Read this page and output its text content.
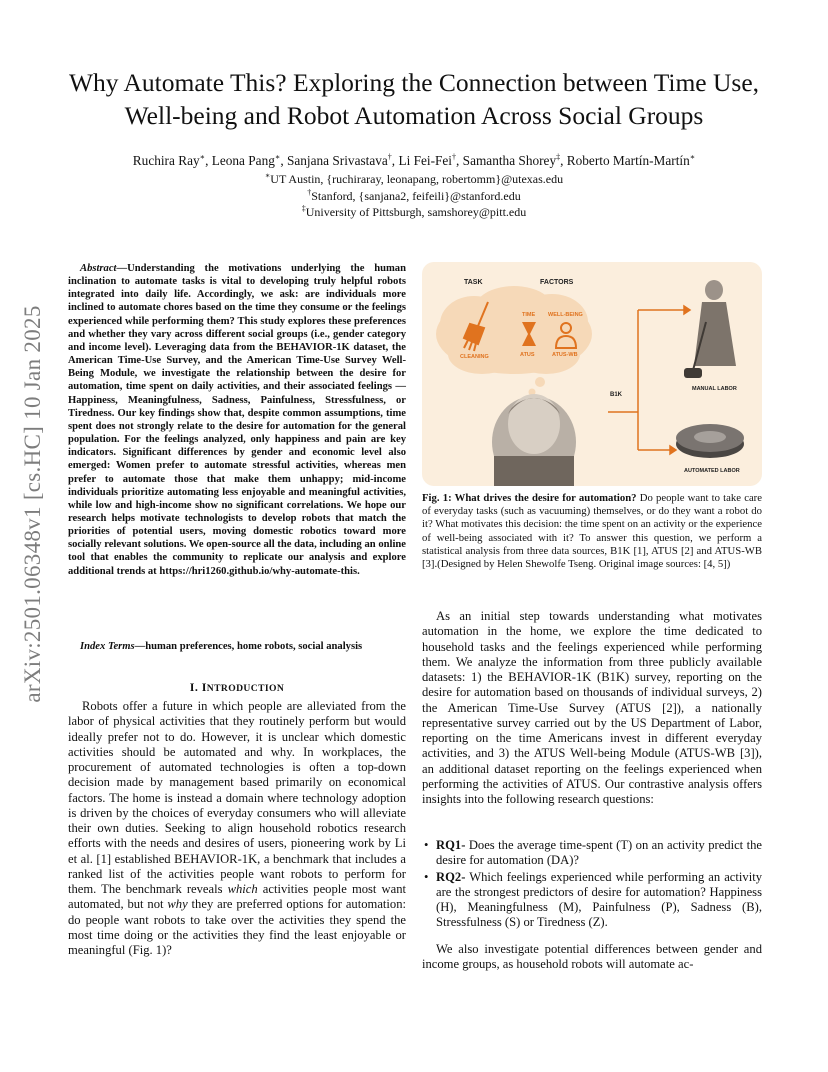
arXiv:2501.06348v1 [cs.HC] 10 Jan 2025
Why Automate This? Exploring the Connection between Time Use, Well-being and Robot Automation Across Social Groups
Ruchira Ray∗, Leona Pang∗, Sanjana Srivastava†, Li Fei-Fei†, Samantha Shorey‡, Roberto Martín-Martín∗
∗UT Austin, {ruchiraray, leonapang, robertomm}@utexas.edu
†Stanford, {sanjana2, feifeili}@stanford.edu
‡University of Pittsburgh, samshorey@pitt.edu

Abstract—Understanding the motivations underlying the human inclination to automate tasks is vital to developing truly helpful robots integrated into daily life. Accordingly, we ask: are individuals more inclined to automate chores based on the time they consume or the feelings experienced while performing them? This study explores these preferences and whether they vary across different social groups (i.e., gender category and income level). Leveraging data from the BEHAVIOR-1K dataset, the American Time-Use Survey, and the American Time-Use Survey Well-Being Module, we investigate the relationship between the desire for automation, time spent on daily activities, and their associated feelings —Happiness, Meaningfulness, Sadness, Painfulness, Stressfulness, or Tiredness. Our key findings show that, despite common assumptions, time spent does not strongly relate to the desire for automation for the general population. For the feelings analyzed, only happiness and pain are key indicators. Significant differences by gender and economic level also emerged: Women prefer to automate stressful activities, whereas men prefer to automate those that make them unhappy; mid-income individuals prioritize automating less enjoyable and meaningful activities, while low and high-income show no significant correlations. We hope our research helps motivate technologists to develop robots that match the priorities of potential users, moving domestic robotics toward more socially relevant solutions. We open-source all the data, including an online tool that enables the community to replicate our analysis and explore additional trends at https://hri1260.github.io/why-automate-this.

Index Terms—human preferences, home robots, social analysis

I. INTRODUCTION

Robots offer a future in which people are alleviated from the labor of physical activities that they routinely perform but would ideally prefer not to do. However, it is unclear which domestic activities should be automated and why. In workplaces, the procurement of automated technologies is often a top-down decision made by management based primarily on economical factors. The home is instead a domain where technology adoption is driven by the choices of everyday consumers who will alleviate their own duties. Seeking to align household robotics research efforts with the needs and desires of users, pioneering work by Li et al. [1] established BEHAVIOR-1K, a benchmark that includes a ranked list of the activities people want robots to perform for them. The benchmark reveals which activities people most want automated, but not why they are preferred options for automation: do people want robots to take over the activities they spend the most time doing or the activities they find the least enjoyable or meaningful (Fig. 1)?

TASK	FACTORS
CLEANING
TIME
ATUS
WELL-BEING
ATUS-WB
B1K
MANUAL LABOR
AUTOMATED LABOR

Fig. 1: What drives the desire for automation? Do people want to take care of everyday tasks (such as vacuuming) themselves, or do they want a robot do it? What motivates this decision: the time spent on an activity or the experience of well-being associated with it? To answer this question, we perform a statistical analysis from three data sources, B1K [1], ATUS [2] and ATUS-WB [3].(Designed by Helen Shewolfe Tseng. Original image sources: [4, 5])

As an initial step towards understanding what motivates automation in the home, we explore the time dedicated to household tasks and the feelings experienced while performing them. We analyze the information from three publicly available datasets: 1) the BEHAVIOR-1K (B1K) survey, reporting on the desire for automation based on thousands of individual surveys, 2) the American Time-Use Survey (ATUS [2]), a nationally representative survey carried out by the US Department of Labor, reporting on the time Americans invest in different everyday activities, and 3) the ATUS Well-being Module (ATUS-WB [3]), an additional dataset reporting on the feelings experienced when performing the activities of ATUS. Our contrastive analysis offers insights into the following research questions:

• RQ1- Does the average time-spent (T) on an activity predict the desire for automation (DA)?
• RQ2- Which feelings experienced while performing an activity are the strongest predictors of desire for automation? Happiness (H), Meaningfulness (M), Painfulness (P), Sadness (B), Stressfulness (S) or Tiredness (Z).

We also investigate potential differences between gender and income groups, as household robots will automate ac-
